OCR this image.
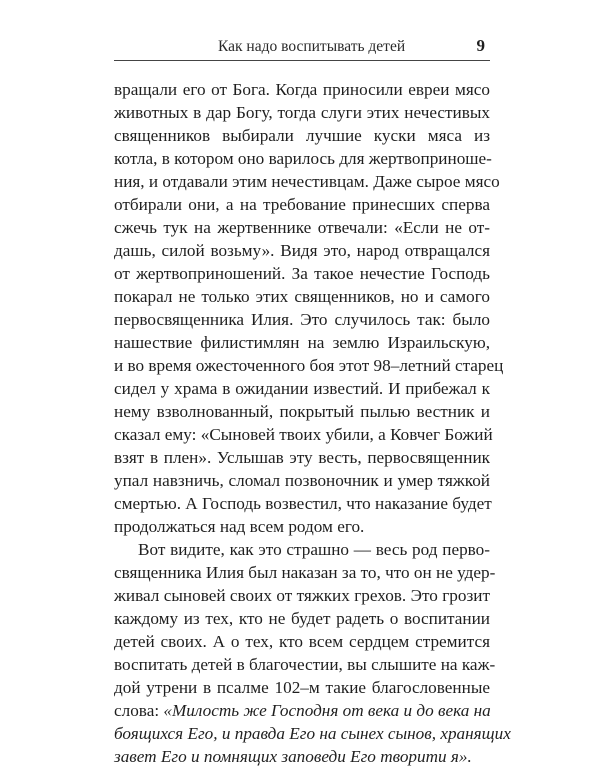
Как надо воспитывать детей	9
вращали его от Бога. Когда приносили евреи мясо
животных в дар Богу, тогда слуги этих нечестивых
священников выбирали лучшие куски мяса из
котла, в котором оно варилось для жертвоприноше-
ния, и отдавали этим нечестивцам. Даже сырое мясо
отбирали они, а на требование принесших сперва
сжечь тук на жертвеннике отвечали: «Если не от-
дашь, силой возьму». Видя это, народ отвращался
от жертвоприношений. За такое нечестие Господь
покарал не только этих священников, но и самого
первосвященника Илия. Это случилось так: было
нашествие филистимлян на землю Израильскую,
и во время ожесточенного боя этот 98–летний старец
сидел у храма в ожидании известий. И прибежал к
нему взволнованный, покрытый пылью вестник и
сказал ему: «Сыновей твоих убили, а Ковчег Божий
взят в плен». Услышав эту весть, первосвященник
упал навзничь, сломал позвоночник и умер тяжкой
смертью. А Господь возвестил, что наказание будет
продолжаться над всем родом его.
Вот видите, как это страшно — весь род перво-
священника Илия был наказан за то, что он не удер-
живал сыновей своих от тяжких грехов. Это грозит
каждому из тех, кто не будет радеть о воспитании
детей своих. А о тех, кто всем сердцем стремится
воспитать детей в благочестии, вы слышите на каж-
дой утрени в псалме 102–м такие благословенные
слова: «Милость же Господня от века и до века на
боящихся Его, и правда Его на сынех сынов, хранящих
завет Его и помнящих заповеди Его творити я».
